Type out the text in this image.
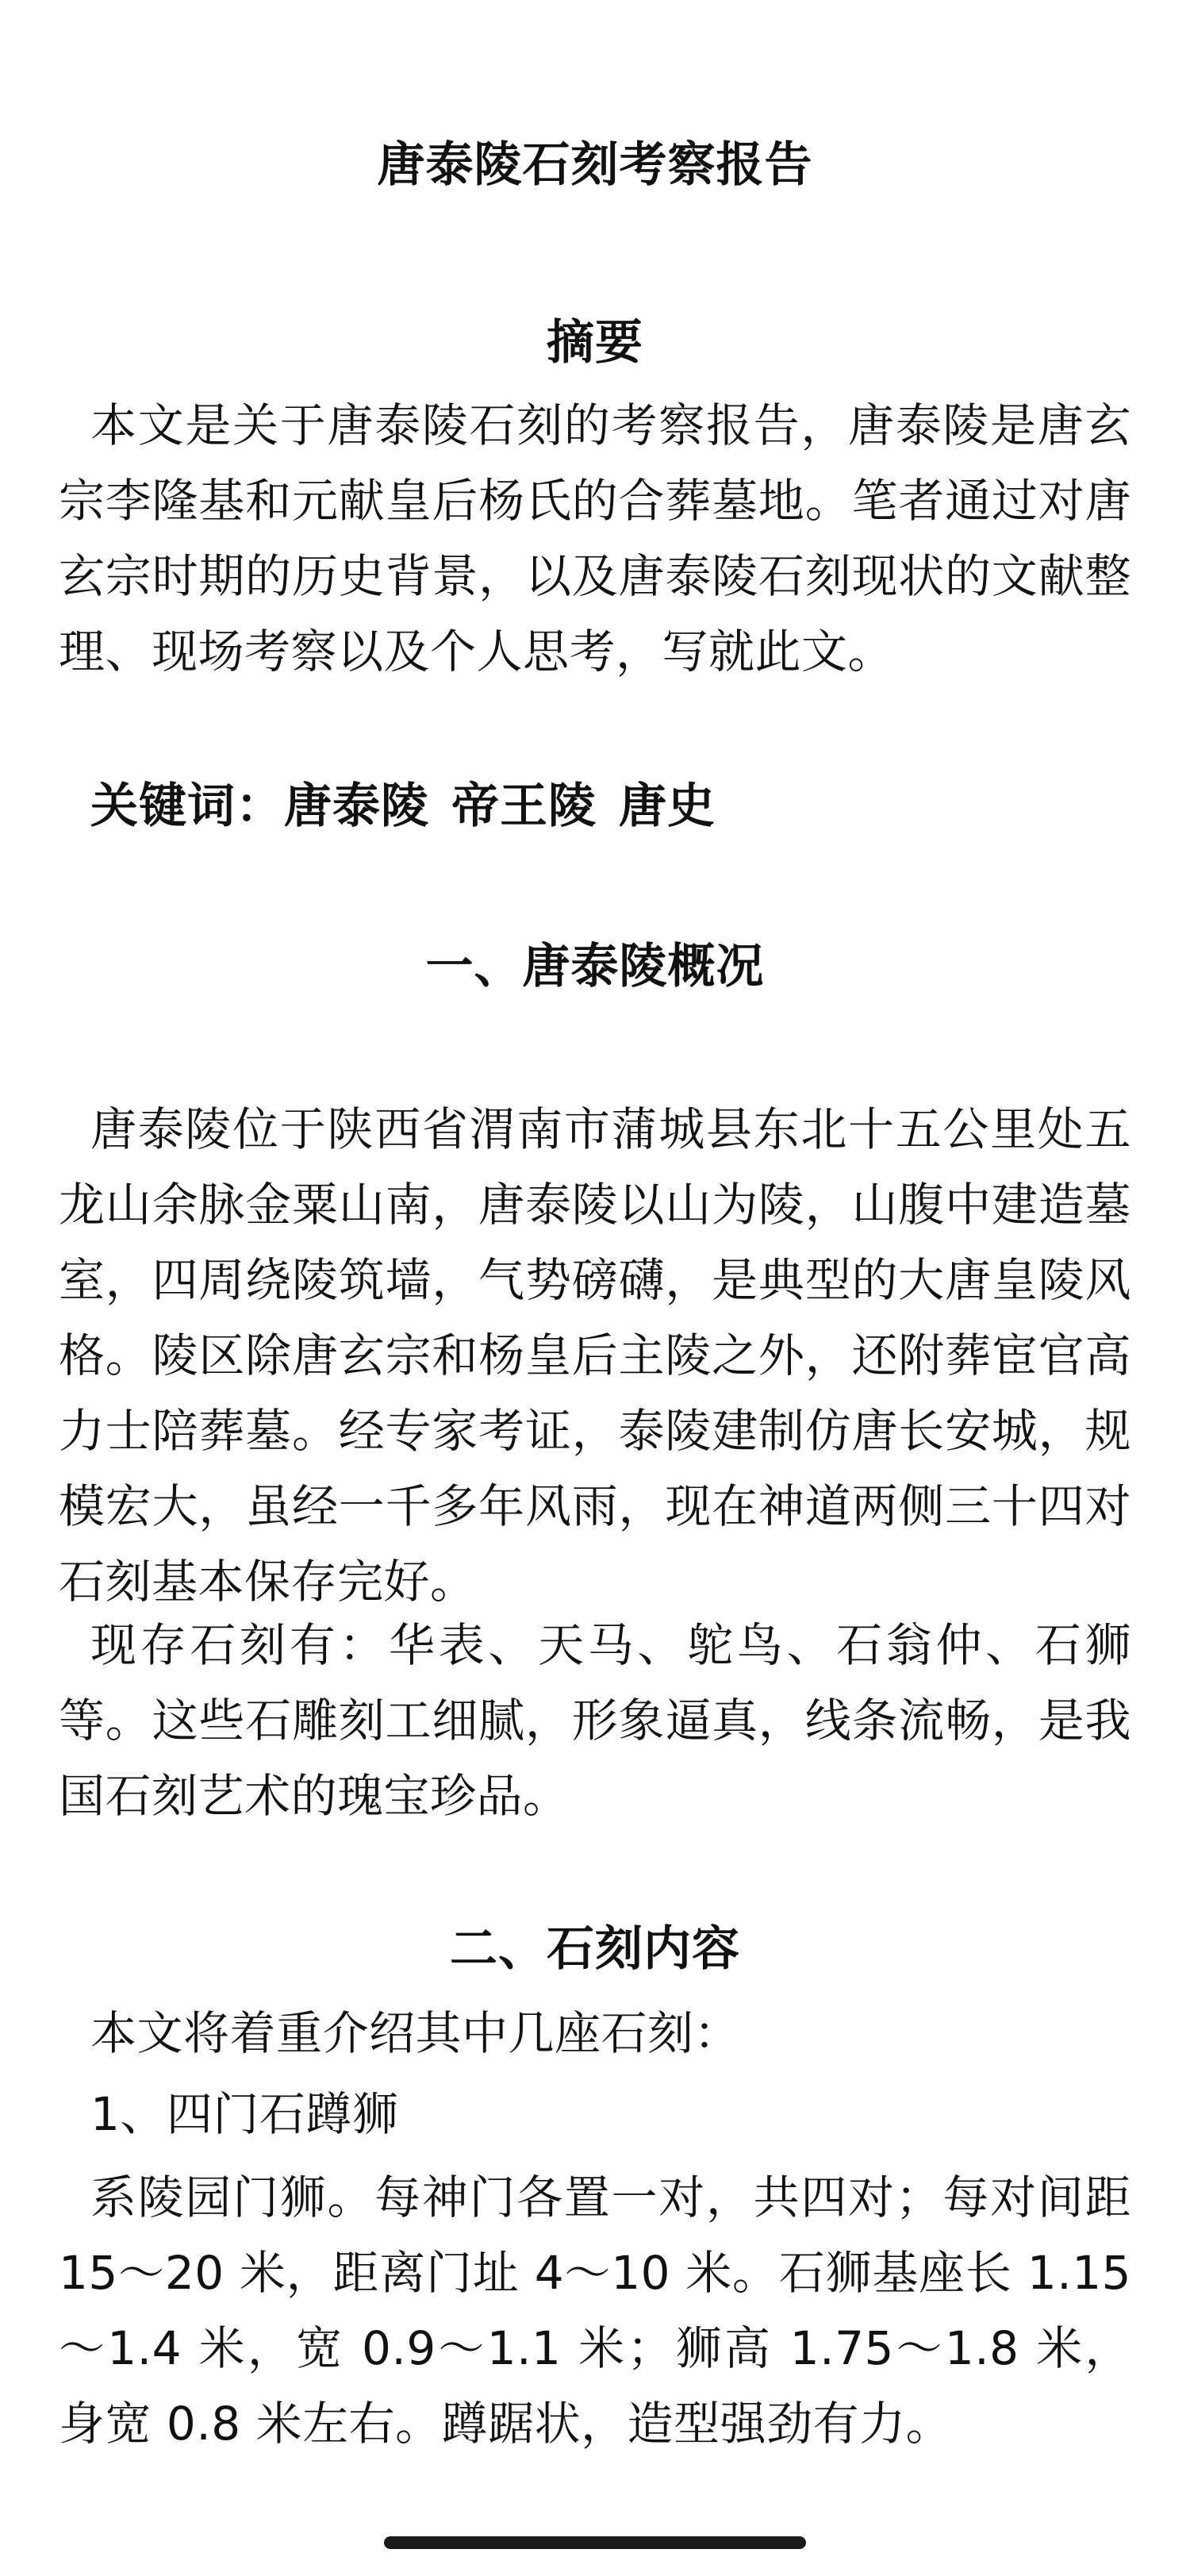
唐泰陵石刻考察报告
摘要

本文是关于唐泰陵石刻的考察报告，唐泰陵是唐玄宗李隆基和元献皇后杨氏的合葬墓地。笔者通过对唐玄宗时期的历史背景，以及唐泰陵石刻现状的文献整理、现场考察以及个人思考，写就此文。

关键词：唐泰陵 帝王陵 唐史
一、唐泰陵概况

唐泰陵位于陕西省渭南市蒲城县东北十五公里处五龙山余脉金粟山南，唐泰陵以山为陵，山腹中建造墓室，四周绕陵筑墙，气势磅礴，是典型的大唐皇陵风格。陵区除唐玄宗和杨皇后主陵之外，还附葬宦官高力士陪葬墓。经专家考证，泰陵建制仿唐长安城，规模宏大，虽经一千多年风雨，现在神道两侧三十四对石刻基本保存完好。

现存石刻有：华表、天马、鸵鸟、石翁仲、石狮等。这些石雕刻工细腻，形象逼真，线条流畅，是我国石刻艺术的瑰宝珍品。

二、石刻内容
本文将着重介绍其中几座石刻：
1、四门石蹲狮

系陵园门狮。每神门各置一对，共四对；每对间距 15～20 米，距离门址 4～10 米。石狮基座长 1.15～1.4 米，宽 0.9～1.1 米；狮高 1.75～1.8 米，身宽 0.8 米左右。蹲踞状，造型强劲有力。
